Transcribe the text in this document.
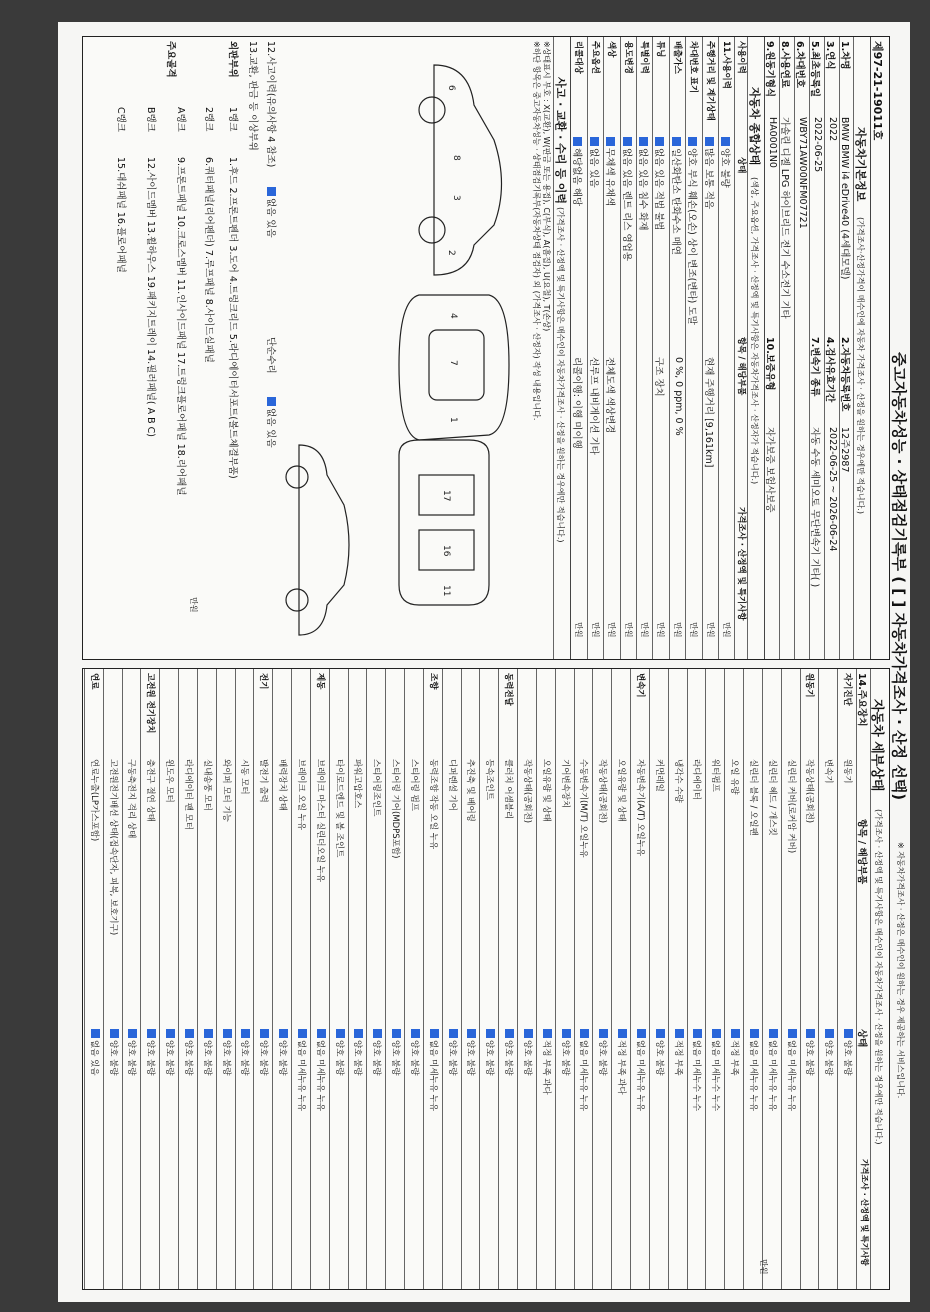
중고자동차성능 · 상태점검기록부 ( [ ] 자동차가격조사 · 산정 선택)
※ 자동차가격조사 · 산정은 매수인이 원하는 경우 제공하는 서비스입니다.
제97-21-19011호
자동차기본정보
(가격조사·산정가격이 매수인에 자동차 가격조사 · 산정을 원하는 경우에만 적습니다.)
1.차명
BMW BMW i4 eDrive40 (4세대모델)
2.자동차등록번호
12주2987
3.연식
2022
4.검사유효기간
2022-06-25 ~ 2026-06-24
5.최초등록일
2022-06-25
7.변속기 종류
자동 수동 세미오토 무단변속기 기타( )
6.차대번호
WBY71AW00NFM07721
8.사용연료
가솔린 디젤 LPG 하이브리드 전기 수소전기 기타
9.원동기형식
HA0001N0
10.보증유형
자가보증 보험사보증
자동차 종합상태
(색상, 주요옵션, 가격조사 · 산정액 및 특기사항은 자동차가격조사 · 산정자가 적습니다.)
사용이력
상태
항목 / 해당부품
가격조사 · 산정액 및 특기사항
11.사용이력
양호 불량
만원
주행거리 및 계기상태
많음 보통 적음
현재 주행거리 [9,161km]
만원
차대번호 표기
양호 부식 훼손(오손) 상이 변조(변타) 도말
만원
배출가스
일산화탄소 탄화수소 매연
0 %, 0 ppm, 0 %
만원
튜닝
없음 있음 적법 불법
구조 장치
만원
특별이력
없음 있음 침수 화재
만원
용도변경
없음 있음 렌트 리스 영업용
만원
색상
무채색 유채색
전체도색 색상변경
만원
주요옵션
없음 있음
선루프 내비게이션 기타
만원
리콜대상
해당없음 해당
리콜이행: 이행 미이행
만원
사고 · 교환 · 수리 등 이력
(가격조사 · 산정액 및 특기사항은 매수인이 자동차가격조사 · 산정을 원하는 경우에만 적습니다.)
※상태표시 부호 : X(교환), W(판금 또는 용접), C(부식), A(흠집), U(요철), T(손상)
※하단 항목은 중고자동차성능 · 상태점검기록부(자동차상태 점검자) 외 (가격조사 · 산정자) 작성 내용입니다.
6
8
3
2
7
4
1
17
16
11
12.사고이력(유의사항 4 참조)
없음 있음
단순수리
없음 있음
13.교환, 판금 등 이상부위
외판부위
1랭크
1.후드 2.프론트펜더 3.도어 4.트렁크리드 5.라디에이터서포트(볼트체결부품)
2랭크
6.쿼터패널(리어펜더) 7.루프패널 8.사이드실패널
주요골격
A랭크
9.프론트패널 10.크로스멤버 11.인사이드패널 17.트렁크플로어패널 18.리어패널
B랭크
12.사이드멤버 13.휠하우스 19.패키지트레이 14.필러패널( A B C)
C랭크
15.대쉬패널 16.플로어패널
만원
자동차 세부상태
(가격조사 · 산정액 및 특기사항은 매수인이 자동차가격조사 · 산정을 원하는 경우에만 적습니다.)
14.주요장치
항목 / 해당부품
상태
가격조사 · 산정액 및 특기사항
자기진단
원동기
양호 불량
변속기
양호 불량
원동기
작동상태(공회전)
양호 불량
실린더 커버(로커암 커버)
없음 미세누유 누유
실린더 헤드 / 개스킷
없음 미세누유 누유
실린더 블록 / 오일팬
없음 미세누유 누유
오일 유량
적정 부족
워터펌프
없음 미세누수 누수
라디에이터
없음 미세누수 누수
냉각수 수량
적정 부족
커먼레일
양호 불량
변속기
자동변속기(A/T) 오일누유
없음 미세누유 누유
오일유량 및 상태
적정 부족 과다
작동상태(공회전)
양호 불량
수동변속기(M/T) 오일누유
없음 미세누유 누유
기어변속장치
양호 불량
오일유량 및 상태
적정 부족 과다
작동상태(공회전)
양호 불량
동력전달
클러치 어셈블리
양호 불량
등속조인트
양호 불량
추진축 및 베어링
양호 불량
디퍼렌셜 기어
양호 불량
조향
동력조향 작동 오일 누유
없음 미세누유 누유
스티어링 펌프
양호 불량
스티어링 기어(MDPS포함)
양호 불량
스티어링조인트
양호 불량
파워고압호스
양호 불량
타이로드엔드 및 볼 조인트
양호 불량
제동
브레이크 마스터 실린더오일 누유
없음 미세누유 누유
브레이크 오일 누유
없음 미세누유 누유
배력장치 상태
양호 불량
전기
발전기 출력
양호 불량
시동 모터
양호 불량
와이퍼 모터 기능
양호 불량
실내송풍 모터
양호 불량
라디에이터 팬 모터
양호 불량
윈도우 모터
양호 불량
고전원 전기장치
충전구 절연 상태
양호 불량
구동축전지 격리 상태
양호 불량
고전원전기배선 상태(접속단자, 피복, 보호기구)
양호 불량
연료
연료누출(LP가스포함)
없음 있음
만원
